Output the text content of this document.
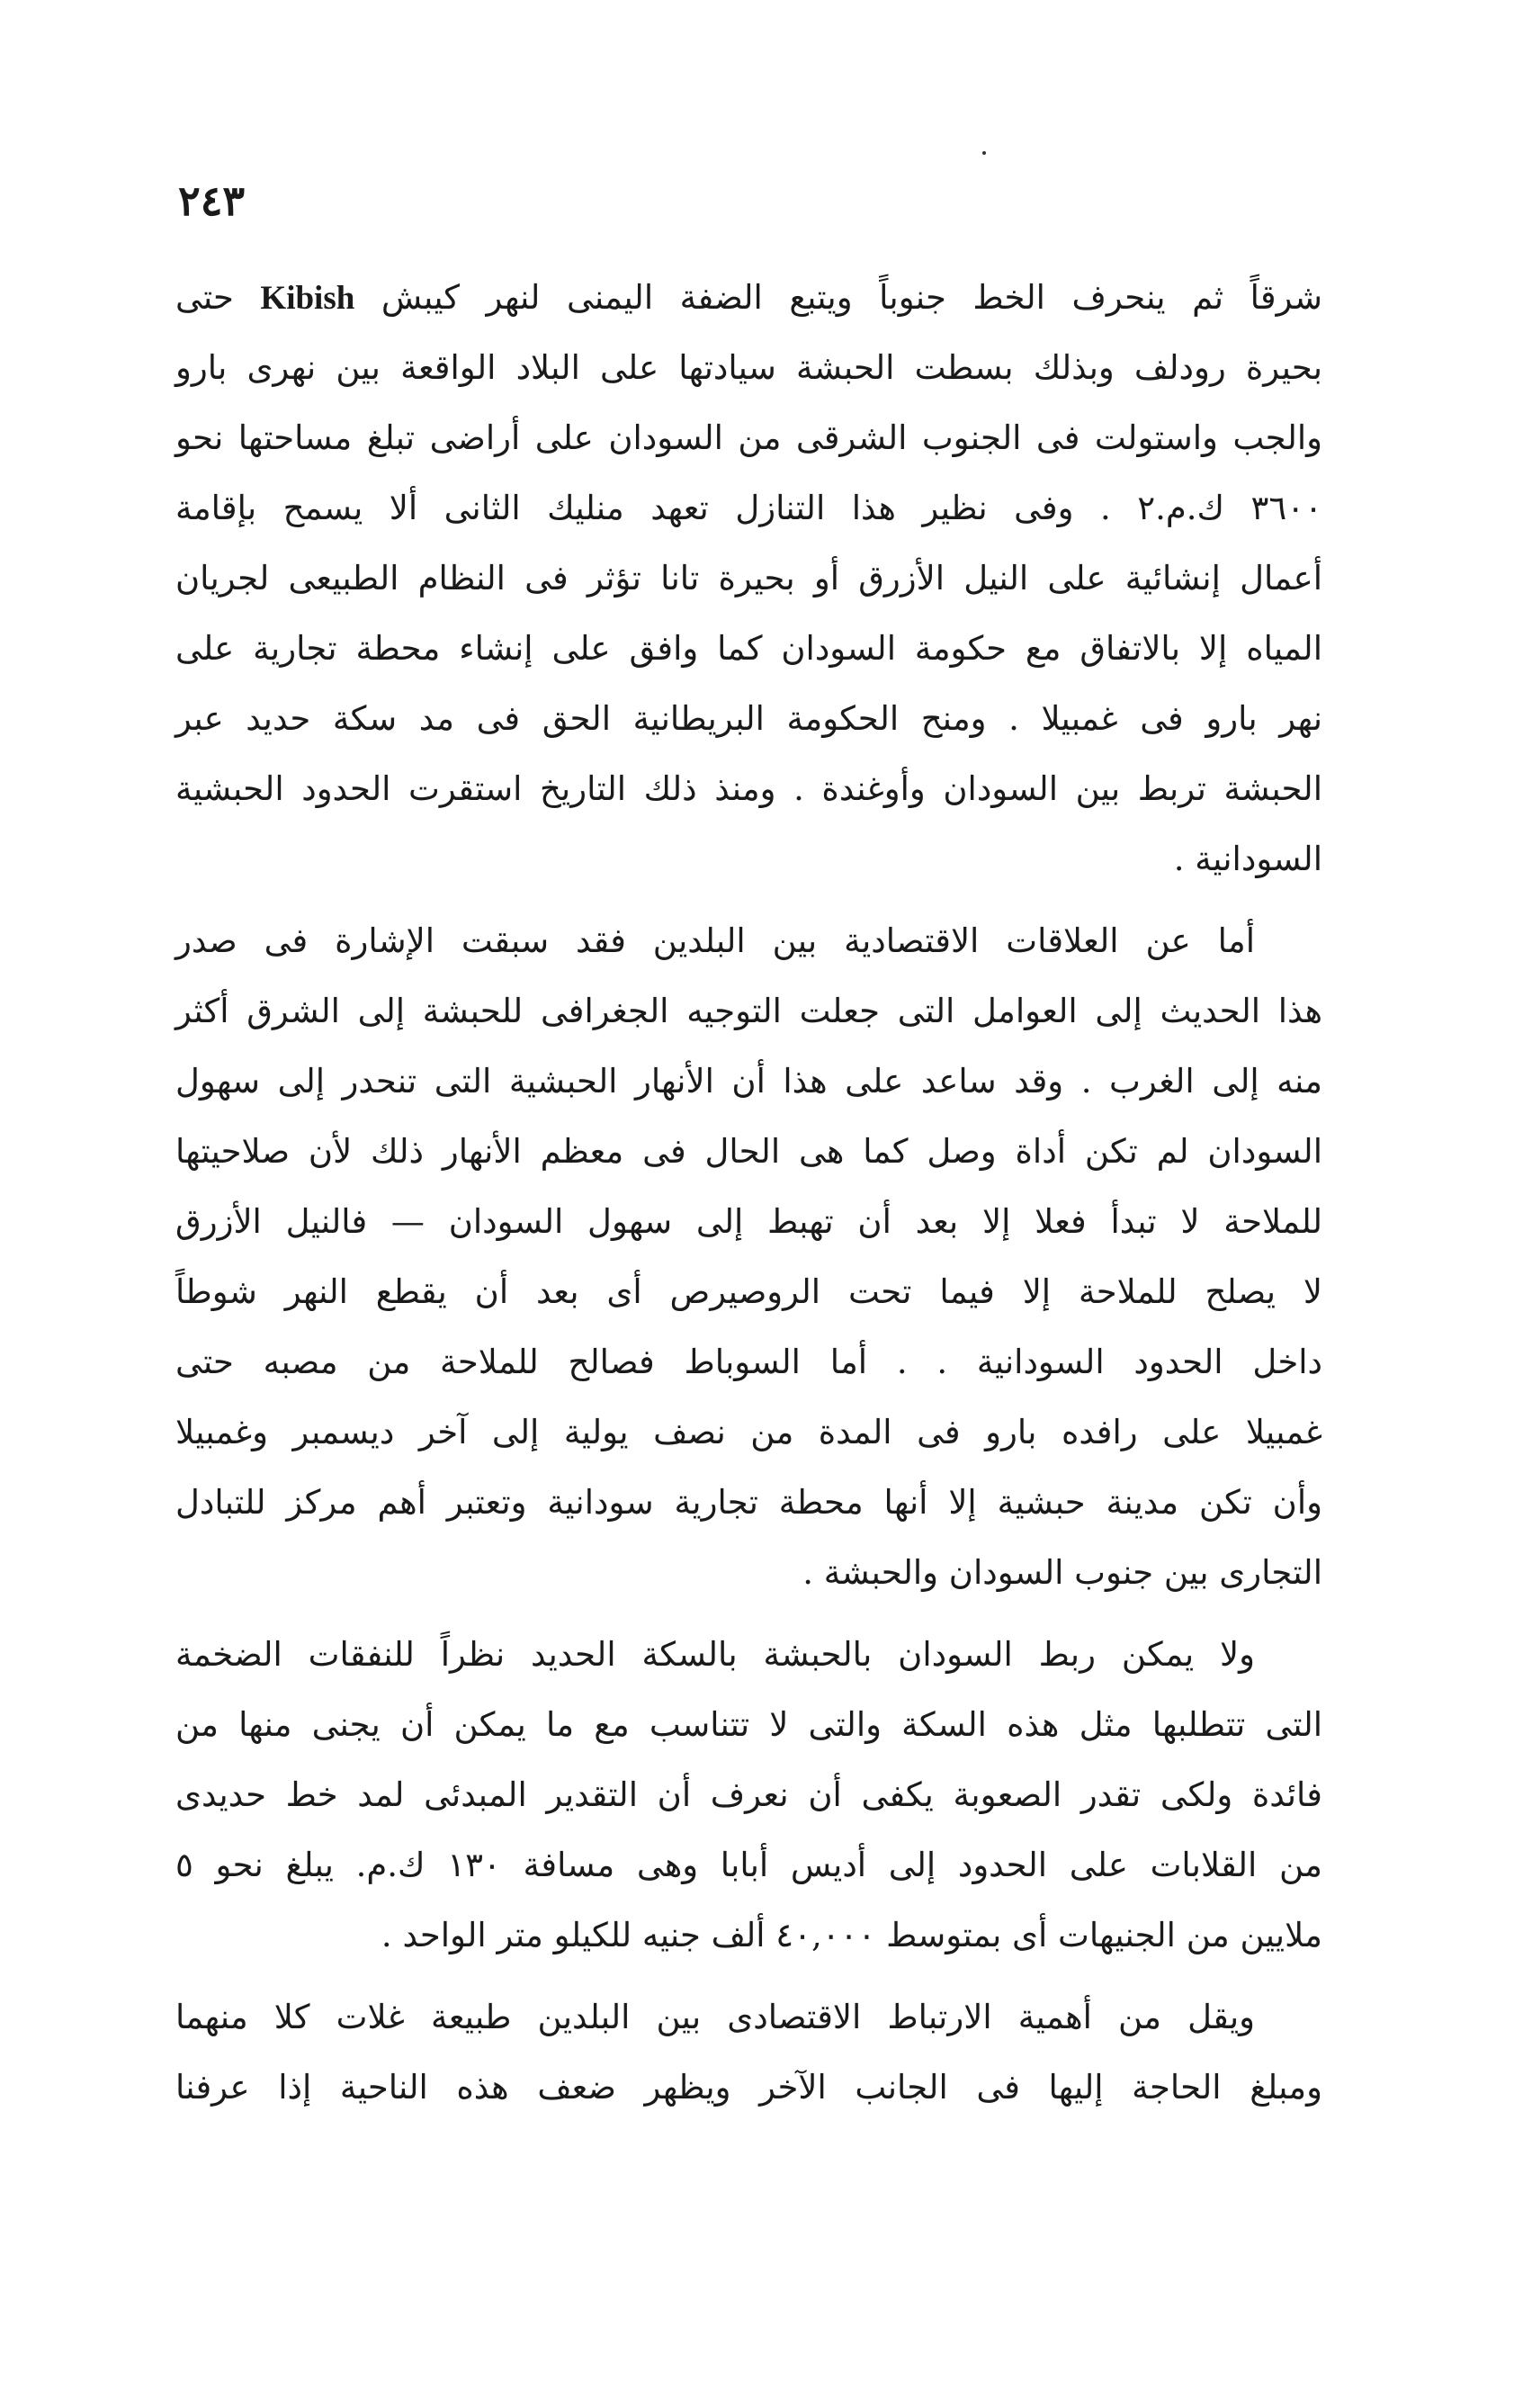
٢٤٣
شرقاً ثم ينحرف الخط جنوباً ويتبع الضفة اليمنى لنهر كيبش Kibish حتى
بحيرة رودلف وبذلك بسطت الحبشة سيادتها على البلاد الواقعة بين نهرى بارو
والجب واستولت فى الجنوب الشرقى من السودان على أراضى تبلغ مساحتها نحو
٣٦٠٠ ك.م.٢ . وفى نظير هذا التنازل تعهد منليك الثانى ألا يسمح بإقامة
أعمال إنشائية على النيل الأزرق أو بحيرة تانا تؤثر فى النظام الطبيعى لجريان
المياه إلا بالاتفاق مع حكومة السودان كما وافق على إنشاء محطة تجارية على
نهر بارو فى غمبيلا . ومنح الحكومة البريطانية الحق فى مد سكة حديد عبر
الحبشة تربط بين السودان وأوغندة . ومنذ ذلك التاريخ استقرت الحدود الحبشية
السودانية .
أما عن العلاقات الاقتصادية بين البلدين فقد سبقت الإشارة فى صدر
هذا الحديث إلى العوامل التى جعلت التوجيه الجغرافى للحبشة إلى الشرق أكثر
منه إلى الغرب . وقد ساعد على هذا أن الأنهار الحبشية التى تنحدر إلى سهول
السودان لم تكن أداة وصل كما هى الحال فى معظم الأنهار ذلك لأن صلاحيتها
للملاحة لا تبدأ فعلا إلا بعد أن تهبط إلى سهول السودان — فالنيل الأزرق
لا يصلح للملاحة إلا فيما تحت الروصيرص أى بعد أن يقطع النهر شوطاً
داخل الحدود السودانية . . أما السوباط فصالح للملاحة من مصبه حتى
غمبيلا على رافده بارو فى المدة من نصف يولية إلى آخر ديسمبر وغمبيلا
وأن تكن مدينة حبشية إلا أنها محطة تجارية سودانية وتعتبر أهم مركز للتبادل
التجارى بين جنوب السودان والحبشة .
ولا يمكن ربط السودان بالحبشة بالسكة الحديد نظراً للنفقات الضخمة
التى تتطلبها مثل هذه السكة والتى لا تتناسب مع ما يمكن أن يجنى منها من
فائدة ولكى تقدر الصعوبة يكفى أن نعرف أن التقدير المبدئى لمد خط حديدى
من القلابات على الحدود إلى أديس أبابا وهى مسافة ١٣٠ ك.م. يبلغ نحو ٥
ملايين من الجنيهات أى بمتوسط ٤٠,٠٠٠ ألف جنيه للكيلو متر الواحد .
ويقل من أهمية الارتباط الاقتصادى بين البلدين طبيعة غلات كلا منهما
ومبلغ الحاجة إليها فى الجانب الآخر ويظهر ضعف هذه الناحية إذا عرفنا
